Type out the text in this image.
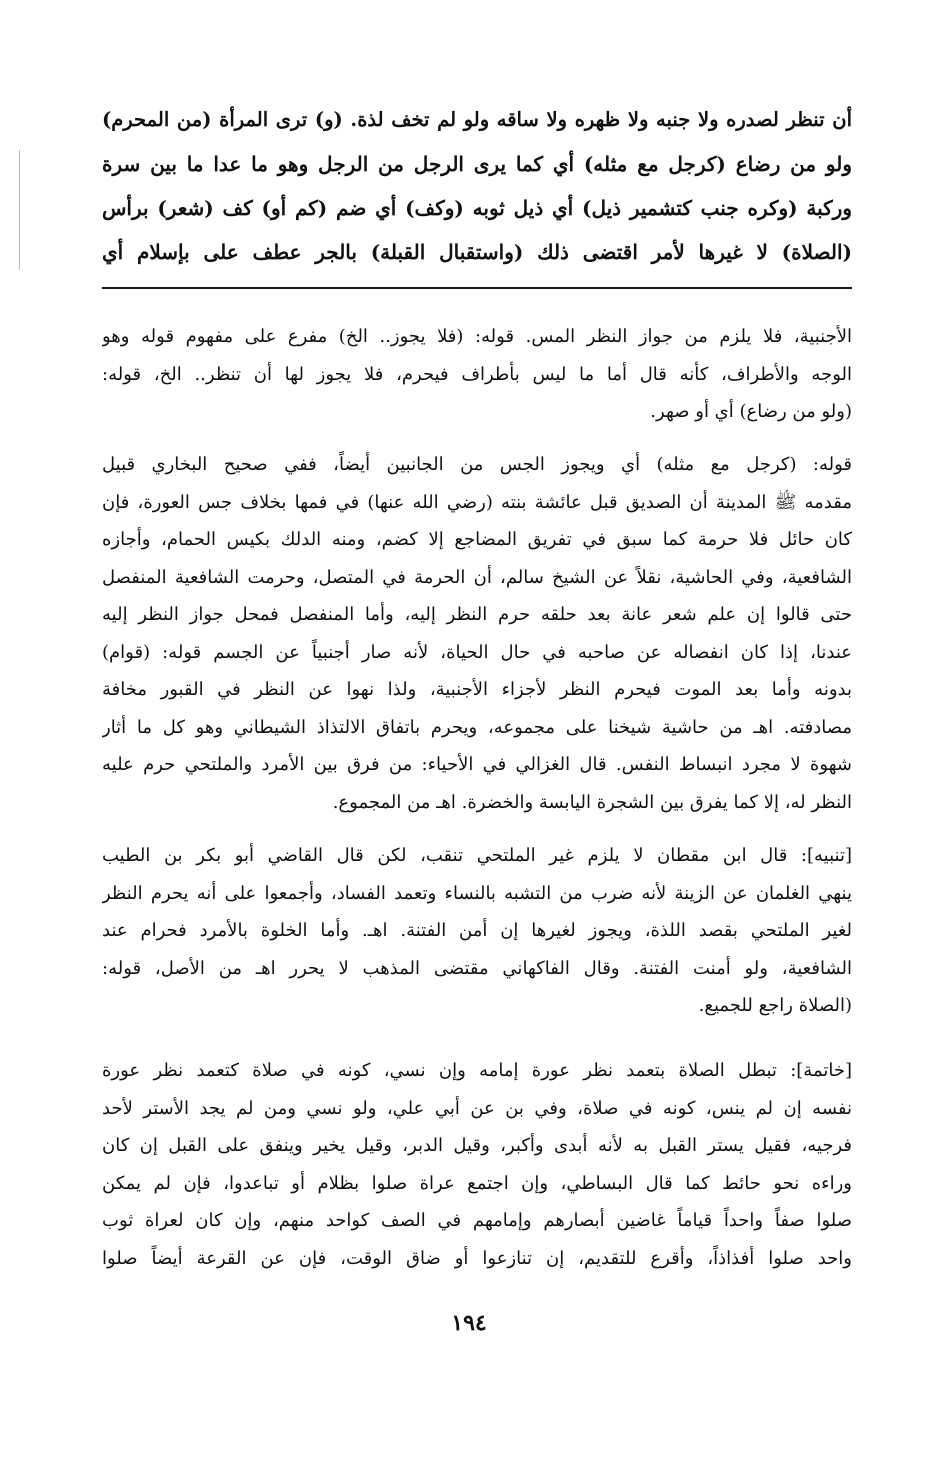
أن تنظر لصدره ولا جنبه ولا ظهره ولا ساقه ولو لم تخف لذة. (و) ترى المرأة (من المحرم)
ولو من رضاع (كرجل مع مثله) أي كما يرى الرجل من الرجل وهو ما عدا ما بين سرة
وركبة (وكره جنب كتشمير ذيل) أي ذيل ثوبه (وكف) أي ضم (كم أو) كف (شعر) برأس
(الصلاة) لا غيرها لأمر اقتضى ذلك (واستقبال القبلة) بالجر عطف على بإسلام أي
الأجنبية، فلا يلزم من جواز النظر المس. قوله: (فلا يجوز.. الخ) مفرع على مفهوم قوله وهو
الوجه والأطراف، كأنه قال أما ما ليس بأطراف فيحرم، فلا يجوز لها أن تنظر.. الخ، قوله:
(ولو من رضاع) أي أو صهر.
قوله: (كرجل مع مثله) أي ويجوز الجس من الجانبين أيضاً، ففي صحيح البخاري قبيل
مقدمه ﷺ المدينة أن الصديق قبل عائشة بنته (رضي الله عنها) في فمها بخلاف جس العورة، فإن
كان حائل فلا حرمة كما سبق في تفريق المضاجع إلا كضم، ومنه الدلك بكيس الحمام، وأجازه
الشافعية، وفي الحاشية، نقلاً عن الشيخ سالم، أن الحرمة في المتصل، وحرمت الشافعية المنفصل
حتى قالوا إن علم شعر عانة بعد حلقه حرم النظر إليه، وأما المنفصل فمحل جواز النظر إليه
عندنا، إذا كان انفصاله عن صاحبه في حال الحياة، لأنه صار أجنبياً عن الجسم قوله: (قوام)
بدونه وأما بعد الموت فيحرم النظر لأجزاء الأجنبية، ولذا نهوا عن النظر في القبور مخافة
مصادفته. اهـ من حاشية شيخنا على مجموعه، ويحرم باتفاق الالتذاذ الشيطاني وهو كل ما أثار
شهوة لا مجرد انبساط النفس. قال الغزالي في الأحياء: من فرق بين الأمرد والملتحي حرم عليه
النظر له، إلا كما يفرق بين الشجرة اليابسة والخضرة. اهـ من المجموع.
[تنبيه]: قال ابن مقطان لا يلزم غير الملتحي تنقب، لكن قال القاضي أبو بكر بن الطيب
ينهي الغلمان عن الزينة لأنه ضرب من التشبه بالنساء وتعمد الفساد، وأجمعوا على أنه يحرم النظر
لغير الملتحي بقصد اللذة، ويجوز لغيرها إن أمن الفتنة. اهـ. وأما الخلوة بالأمرد فحرام عند
الشافعية، ولو أمنت الفتنة. وقال الفاكهاني مقتضى المذهب لا يحرر اهـ من الأصل، قوله:
(الصلاة راجع للجميع.
[خاتمة]: تبطل الصلاة بتعمد نظر عورة إمامه وإن نسي، كونه في صلاة كتعمد نظر عورة
نفسه إن لم ينس، كونه في صلاة، وفي بن عن أبي علي، ولو نسي ومن لم يجد الأستر لأحد
فرجيه، فقيل يستر القبل به لأنه أبدى وأكبر، وقيل الدبر، وقيل يخير وينفق على القبل إن كان
وراءه نحو حائط كما قال البساطي، وإن اجتمع عراة صلوا بظلام أو تباعدوا، فإن لم يمكن
صلوا صفاً واحداً قياماً غاضين أبصارهم وإمامهم في الصف كواحد منهم، وإن كان لعراة ثوب
واحد صلوا أفذاذاً، وأقرع للتقديم، إن تنازعوا أو ضاق الوقت، فإن عن القرعة أيضاً صلوا
١٩٤
